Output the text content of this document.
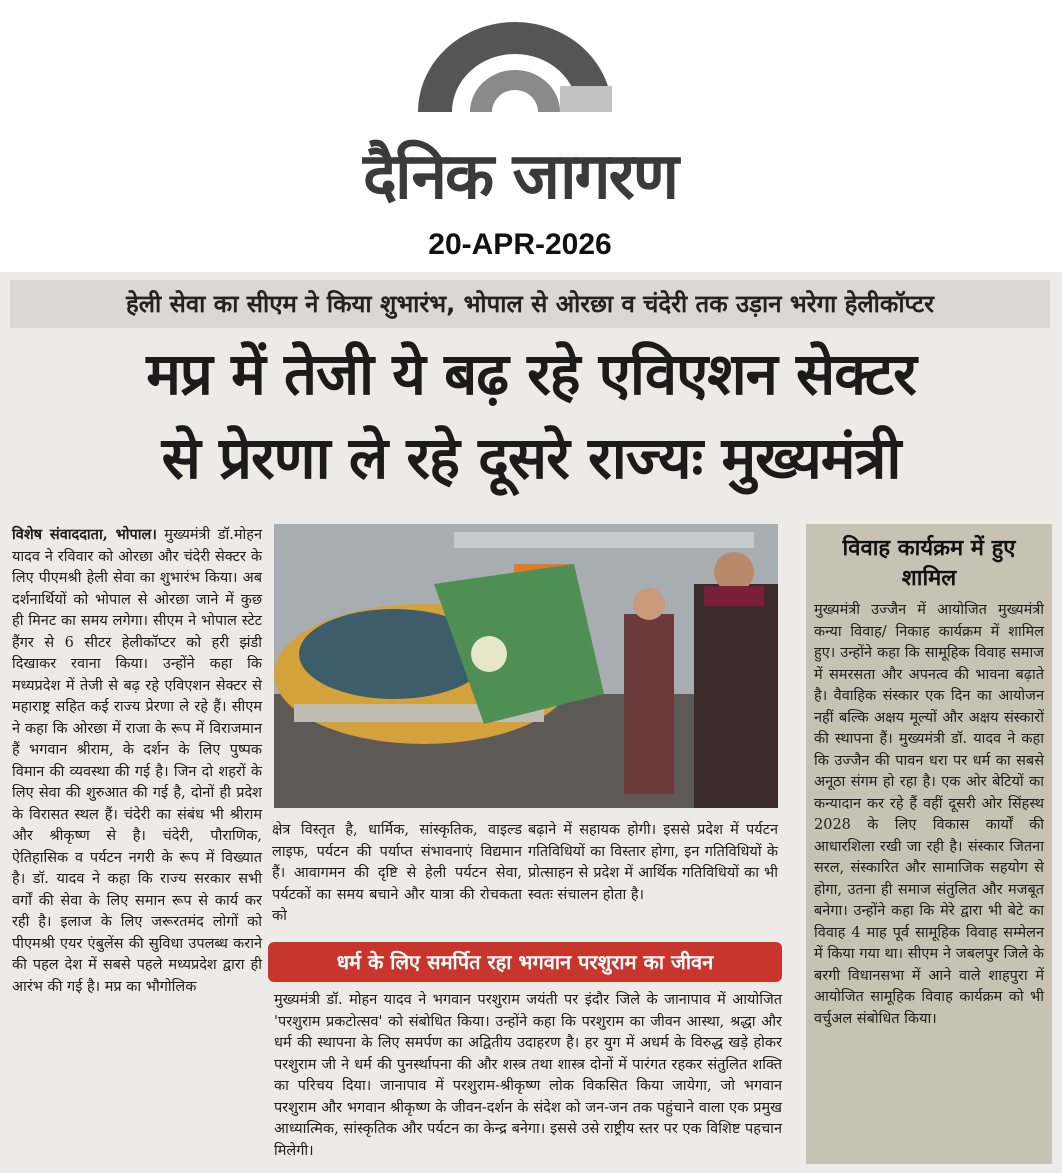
दैनिक जागरण
20-APR-2026
हेली सेवा का सीएम ने किया शुभारंभ, भोपाल से ओरछा व चंदेरी तक उड़ान भरेगा हेलीकॉप्टर
मप्र में तेजी ये बढ़ रहे एविएशन सेक्टर
से प्रेरणा ले रहे दूसरे राज्यः मुख्यमंत्री
विशेष संवाददाता, भोपाल। मुख्यमंत्री डॉ.मोहन यादव ने रविवार को ओरछा और चंदेरी सेक्टर के लिए पीएमश्री हेली सेवा का शुभारंभ किया। अब दर्शनार्थियों को भोपाल से ओरछा जाने में कुछ ही मिनट का समय लगेगा। सीएम ने भोपाल स्टेट हैंगर से 6 सीटर हेलीकॉप्टर को हरी झंडी दिखाकर रवाना किया। उन्होंने कहा कि मध्यप्रदेश में तेजी से बढ़ रहे एविएशन सेक्टर से महाराष्ट्र सहित कई राज्य प्रेरणा ले रहे हैं। सीएम ने कहा कि ओरछा में राजा के रूप में विराजमान हैं भगवान श्रीराम, के दर्शन के लिए पुष्पक विमान की व्यवस्था की गई है। जिन दो शहरों के लिए सेवा की शुरुआत की गई है, दोनों ही प्रदेश के विरासत स्थल हैं। चंदेरी का संबंध भी श्रीराम और श्रीकृष्ण से है। चंदेरी, पौराणिक, ऐतिहासिक व पर्यटन नगरी के रूप में विख्यात है। डॉ. यादव ने कहा कि राज्य सरकार सभी वर्गों की सेवा के लिए समान रूप से कार्य कर रही है। इलाज के लिए जरूरतमंद लोगों को पीएमश्री एयर एंबुलेंस की सुविधा उपलब्ध कराने की पहल देश में सबसे पहले मध्यप्रदेश द्वारा ही आरंभ की गई है। मप्र का भौगोलिक
क्षेत्र विस्तृत है, धार्मिक, सांस्कृतिक, वाइल्ड लाइफ, पर्यटन की पर्याप्त संभावनाएं विद्यमान हैं। आवागमन की दृष्टि से हेली पर्यटन सेवा, पर्यटकों का समय बचाने और यात्रा की रोचकता को
बढ़ाने में सहायक होगी। इससे प्रदेश में पर्यटन गतिविधियों का विस्तार होगा, इन गतिविधियों के प्रोत्साहन से प्रदेश में आर्थिक गतिविधियों का भी स्वतः संचालन होता है।
धर्म के लिए समर्पित रहा भगवान परशुराम का जीवन
मुख्यमंत्री डॉ. मोहन यादव ने भगवान परशुराम जयंती पर इंदौर जिले के जानापाव में आयोजित 'परशुराम प्रकटोत्सव' को संबोधित किया। उन्होंने कहा कि परशुराम का जीवन आस्था, श्रद्धा और धर्म की स्थापना के लिए समर्पण का अद्वितीय उदाहरण है। हर युग में अधर्म के विरुद्ध खड़े होकर परशुराम जी ने धर्म की पुनर्स्थापना की और शस्त्र तथा शास्त्र दोनों में पारंगत रहकर संतुलित शक्ति का परिचय दिया। जानापाव में परशुराम-श्रीकृष्ण लोक विकसित किया जायेगा, जो भगवान परशुराम और भगवान श्रीकृष्ण के जीवन-दर्शन के संदेश को जन-जन तक पहुंचाने वाला एक प्रमुख आध्यात्मिक, सांस्कृतिक और पर्यटन का केन्द्र बनेगा। इससे उसे राष्ट्रीय स्तर पर एक विशिष्ट पहचान मिलेगी।
विवाह कार्यक्रम में हुए शामिल
मुख्यमंत्री उज्जैन में आयोजित मुख्यमंत्री कन्या विवाह/ निकाह कार्यक्रम में शामिल हुए। उन्होंने कहा कि सामूहिक विवाह समाज में समरसता और अपनत्व की भावना बढ़ाते है। वैवाहिक संस्कार एक दिन का आयोजन नहीं बल्कि अक्षय मूल्यों और अक्षय संस्कारों की स्थापना हैं। मुख्यमंत्री डॉ. यादव ने कहा कि उज्जैन की पावन धरा पर धर्म का सबसे अनूठा संगम हो रहा है। एक ओर बेटियों का कन्यादान कर रहे हैं वहीं दूसरी ओर सिंहस्थ 2028 के लिए विकास कार्यों की आधारशिला रखी जा रही है। संस्कार जितना सरल, संस्कारित और सामाजिक सहयोग से होगा, उतना ही समाज संतुलित और मजबूत बनेगा। उन्होंने कहा कि मेरे द्वारा भी बेटे का विवाह 4 माह पूर्व सामूहिक विवाह सम्मेलन में किया गया था। सीएम ने जबलपुर जिले के बरगी विधानसभा में आने वाले शाहपुरा में आयोजित सामूहिक विवाह कार्यक्रम को भी वर्चुअल संबोधित किया।
